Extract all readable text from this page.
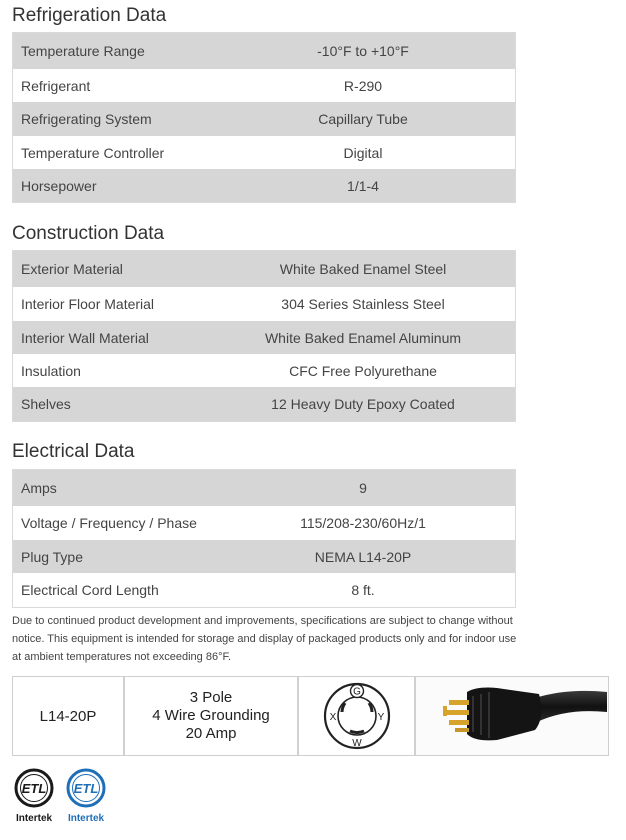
Refrigeration Data
Temperature Range	-10°F to +10°F
Refrigerant	R-290
Refrigerating System	Capillary Tube
Temperature Controller	Digital
Horsepower	1/1-4
Construction Data
Exterior Material	White Baked Enamel Steel
Interior Floor Material	304 Series Stainless Steel
Interior Wall Material	White Baked Enamel Aluminum
Insulation	CFC Free Polyurethane
Shelves	12 Heavy Duty Epoxy Coated
Electrical Data
Amps	9
Voltage / Frequency / Phase	115/208-230/60Hz/1
Plug Type	NEMA L14-20P
Electrical Cord Length	8 ft.

Due to continued product development and improvements, specifications are subject to change without notice. This equipment is intended for storage and display of packaged products only and for indoor use at ambient temperatures not exceeding 86°F.

L14-20P
3 Pole
4 Wire Grounding
20 Amp
G
X	Y
W
ETL
Intertek
ETL
Intertek
